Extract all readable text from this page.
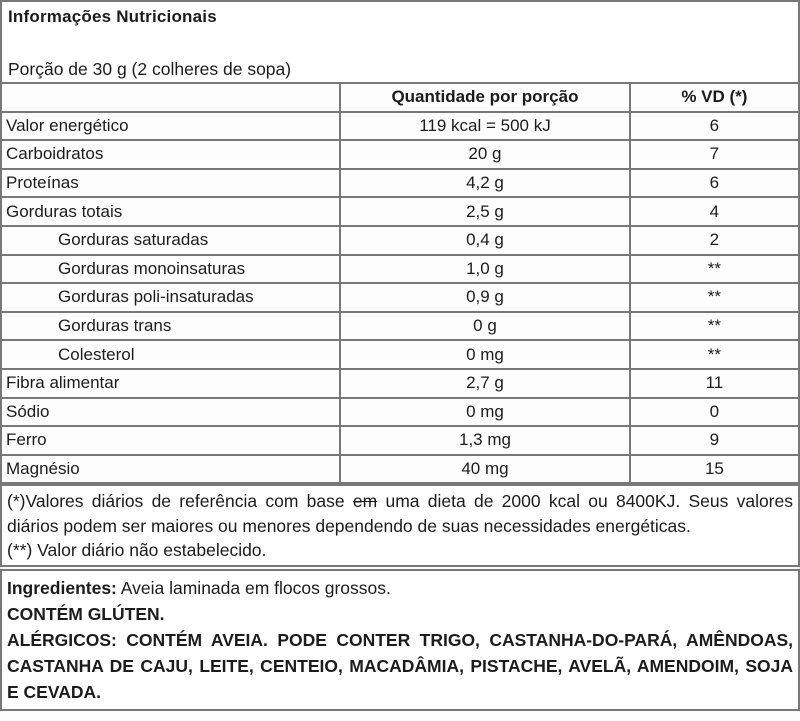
Informações Nutricionais
Porção de 30 g (2 colheres de sopa)
	Quantidade por porção	% VD (*)
Valor energético	119 kcal = 500 kJ	6
Carboidratos	20 g	7
Proteínas	4,2 g	6
Gorduras totais	2,5 g	4
Gorduras saturadas	0,4 g	2
Gorduras monoinsaturas	1,0 g	**
Gorduras poli-insaturadas	0,9 g	**
Gorduras trans	0 g	**
Colesterol	0 mg	**
Fibra alimentar	2,7 g	11
Sódio	0 mg	0
Ferro	1,3 mg	9
Magnésio	40 mg	15

(*)Valores diários de referência com base em uma dieta de 2000 kcal ou 8400KJ. Seus valores diários podem ser maiores ou menores dependendo de suas necessidades energéticas.

(**) Valor diário não estabelecido.

Ingredientes: Aveia laminada em flocos grossos.

CONTÉM GLÚTEN.

ALÉRGICOS: CONTÉM AVEIA. PODE CONTER TRIGO, CASTANHA-DO-PARÁ, AMÊNDOAS, CASTANHA DE CAJU, LEITE, CENTEIO, MACADÂMIA, PISTACHE, AVELÃ, AMENDOIM, SOJA E CEVADA.
